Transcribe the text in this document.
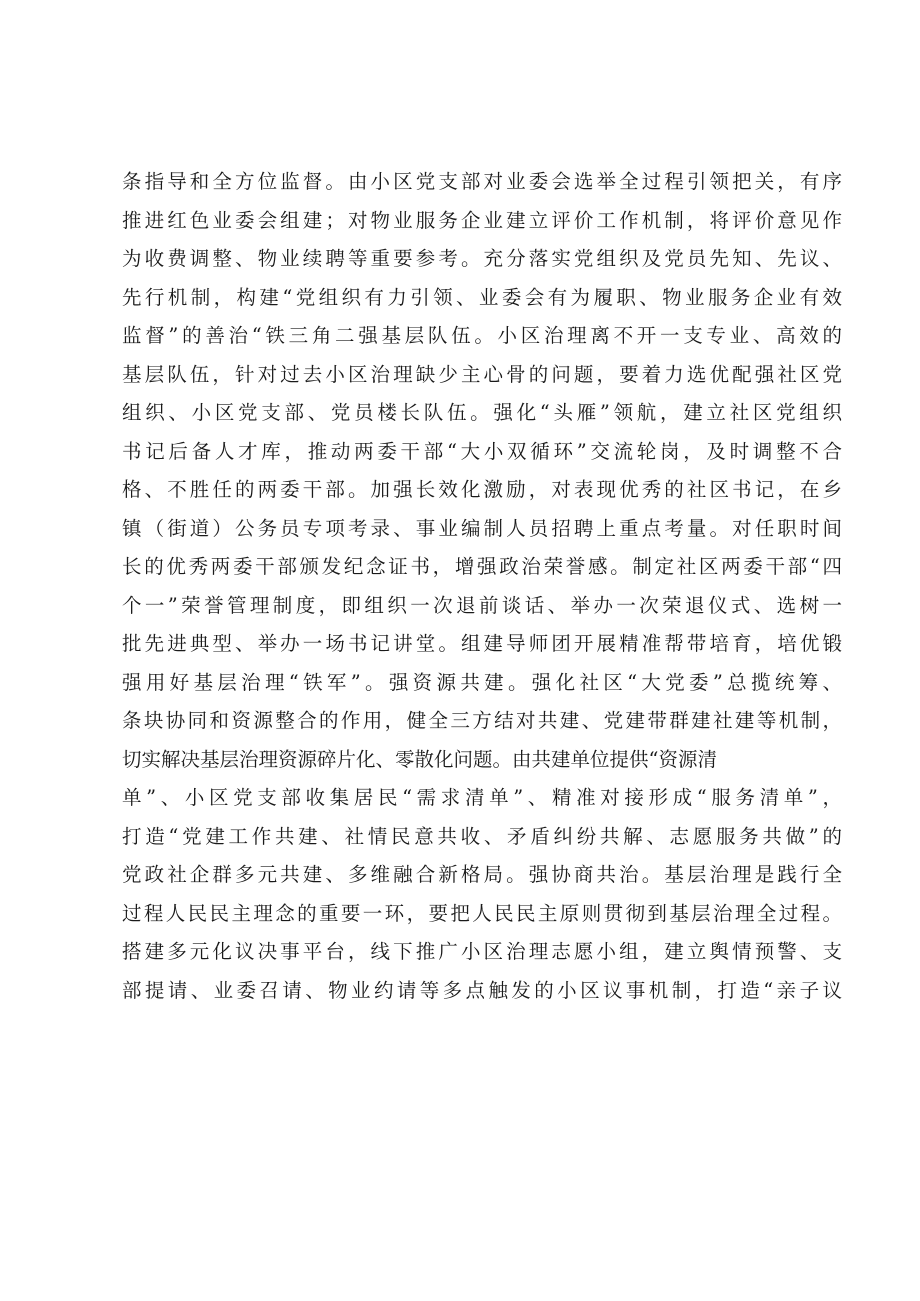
条指导和全方位监督。由小区党支部对业委会选举全过程引领把关，有序
推进红色业委会组建；对物业服务企业建立评价工作机制，将评价意见作
为收费调整、物业续聘等重要参考。充分落实党组织及党员先知、先议、
先行机制，构建“党组织有力引领、业委会有为履职、物业服务企业有效
监督”的善治“铁三角二强基层队伍。小区治理离不开一支专业、高效的
基层队伍，针对过去小区治理缺少主心骨的问题，要着力选优配强社区党
组织、小区党支部、党员楼长队伍。强化“头雁”领航，建立社区党组织
书记后备人才库，推动两委干部“大小双循环”交流轮岗，及时调整不合
格、不胜任的两委干部。加强长效化激励，对表现优秀的社区书记，在乡
镇（街道）公务员专项考录、事业编制人员招聘上重点考量。对任职时间
长的优秀两委干部颁发纪念证书，增强政治荣誉感。制定社区两委干部“四
个一”荣誉管理制度，即组织一次退前谈话、举办一次荣退仪式、选树一
批先进典型、举办一场书记讲堂。组建导师团开展精准帮带培育，培优锻
强用好基层治理“铁军”。强资源共建。强化社区“大党委”总揽统筹、
条块协同和资源整合的作用，健全三方结对共建、党建带群建社建等机制，
切实解决基层治理资源碎片化、零散化问题。由共建单位提供“资源清
单”、小区党支部收集居民“需求清单”、精准对接形成“服务清单”，
打造“党建工作共建、社情民意共收、矛盾纠纷共解、志愿服务共做”的
党政社企群多元共建、多维融合新格局。强协商共治。基层治理是践行全
过程人民民主理念的重要一环，要把人民民主原则贯彻到基层治理全过程。
搭建多元化议决事平台，线下推广小区治理志愿小组，建立舆情预警、支
部提请、业委召请、物业约请等多点触发的小区议事机制，打造“亲子议
